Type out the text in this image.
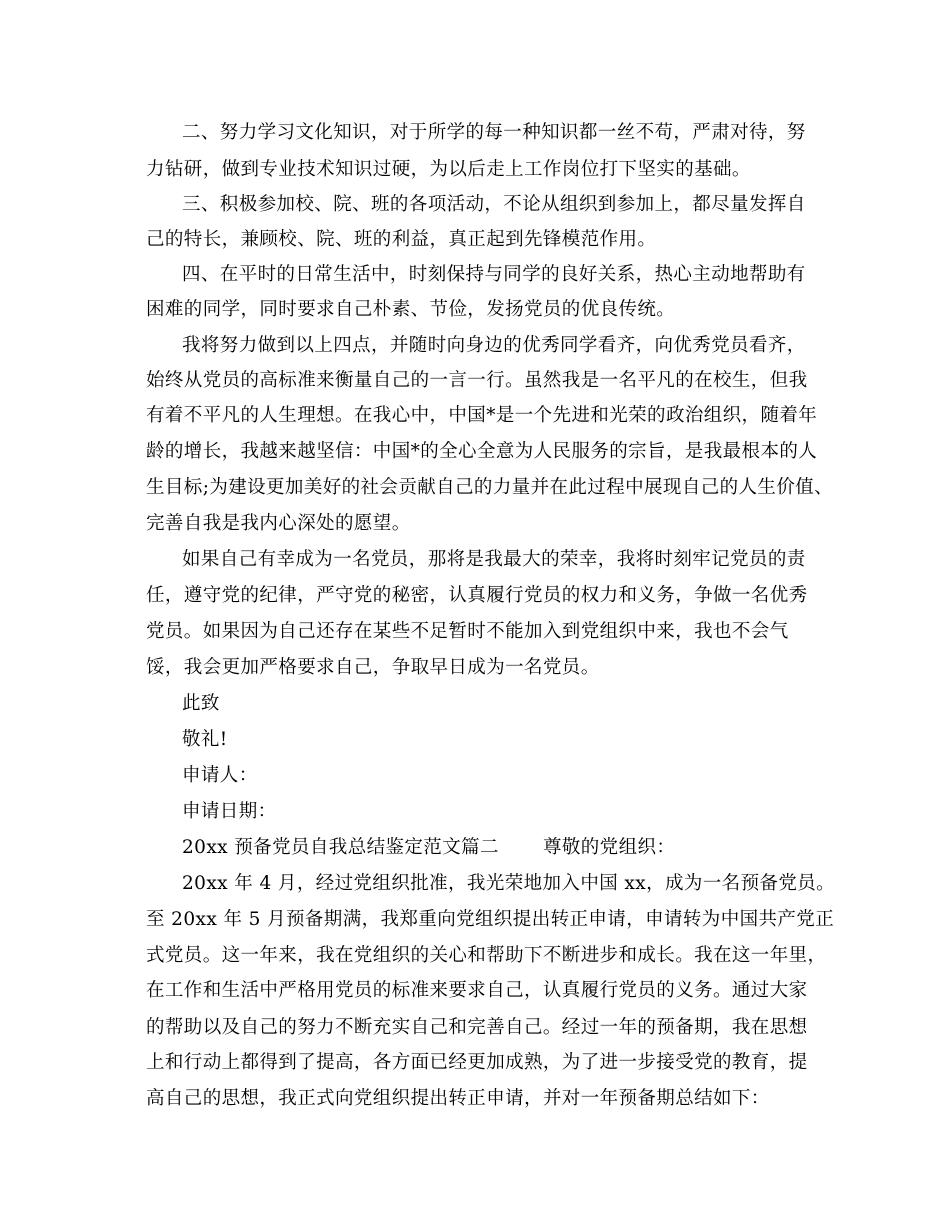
二、努力学习文化知识，对于所学的每一种知识都一丝不苟，严肃对待，努
力钻研，做到专业技术知识过硬，为以后走上工作岗位打下坚实的基础。
三、积极参加校、院、班的各项活动，不论从组织到参加上，都尽量发挥自
己的特长，兼顾校、院、班的利益，真正起到先锋模范作用。
四、在平时的日常生活中，时刻保持与同学的良好关系，热心主动地帮助有
困难的同学，同时要求自己朴素、节俭，发扬党员的优良传统。
我将努力做到以上四点，并随时向身边的优秀同学看齐，向优秀党员看齐，
始终从党员的高标准来衡量自己的一言一行。虽然我是一名平凡的在校生，但我
有着不平凡的人生理想。在我心中，中国*是一个先进和光荣的政治组织，随着年
龄的增长，我越来越坚信：中国*的全心全意为人民服务的宗旨，是我最根本的人
生目标;为建设更加美好的社会贡献自己的力量并在此过程中展现自己的人生价值、
完善自我是我内心深处的愿望。
如果自己有幸成为一名党员，那将是我最大的荣幸，我将时刻牢记党员的责
任，遵守党的纪律，严守党的秘密，认真履行党员的权力和义务，争做一名优秀
党员。如果因为自己还存在某些不足暂时不能加入到党组织中来，我也不会气
馁，我会更加严格要求自己，争取早日成为一名党员。
此致
敬礼!
申请人：
申请日期：
20xx 预备党员自我总结鉴定范文篇二　　 尊敬的党组织：
20xx 年 4 月，经过党组织批准，我光荣地加入中国 xx，成为一名预备党员。
至 20xx 年 5 月预备期满，我郑重向党组织提出转正申请，申请转为中国共产党正
式党员。这一年来，我在党组织的关心和帮助下不断进步和成长。我在这一年里，
在工作和生活中严格用党员的标准来要求自己，认真履行党员的义务。通过大家
的帮助以及自己的努力不断充实自己和完善自己。经过一年的预备期，我在思想
上和行动上都得到了提高，各方面已经更加成熟，为了进一步接受党的教育，提
高自己的思想，我正式向党组织提出转正申请，并对一年预备期总结如下：
